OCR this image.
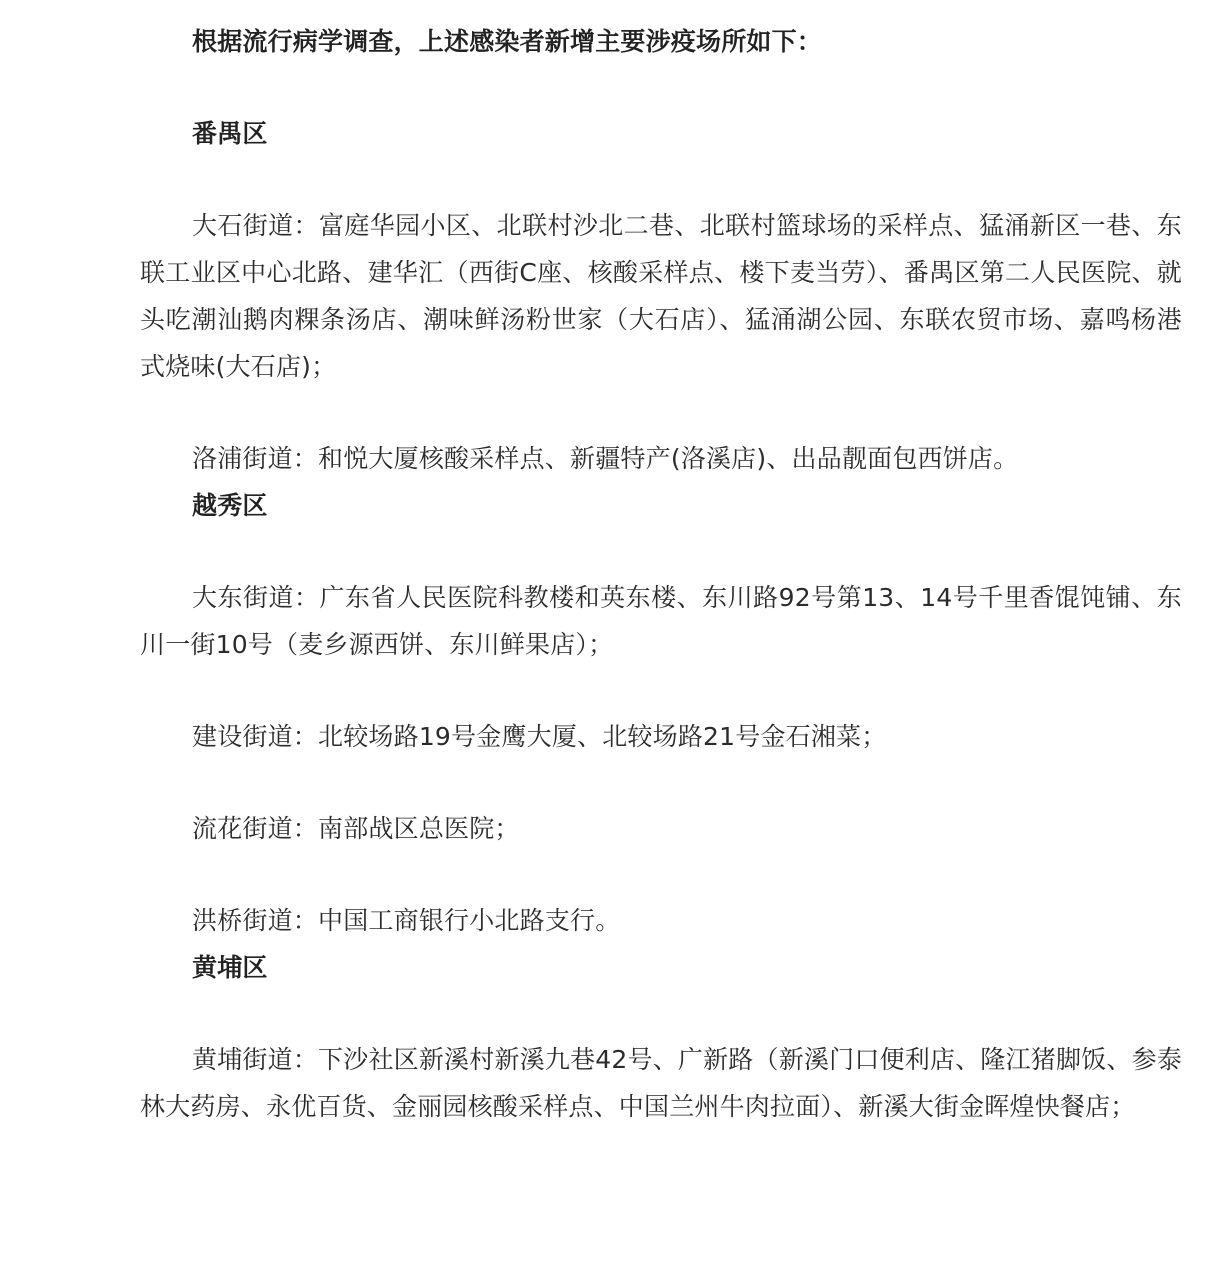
根据流行病学调查，上述感染者新增主要涉疫场所如下：

番禺区

大石街道：富庭华园小区、北联村沙北二巷、北联村篮球场的采样点、猛涌新区一巷、东联工业区中心北路、建华汇（西街C座、核酸采样点、楼下麦当劳）、番禺区第二人民医院、就头吃潮汕鹅肉粿条汤店、潮味鲜汤粉世家（大石店）、猛涌湖公园、东联农贸市场、嘉鸣杨港式烧味(大石店)；

洛浦街道：和悦大厦核酸采样点、新疆特产(洛溪店)、出品靓面包西饼店。

越秀区

大东街道：广东省人民医院科教楼和英东楼、东川路92号第13、14号千里香馄饨铺、东川一街10号（麦乡源西饼、东川鲜果店）；

建设街道：北较场路19号金鹰大厦、北较场路21号金石湘菜；

流花街道：南部战区总医院；

洪桥街道：中国工商银行小北路支行。

黄埔区

黄埔街道：下沙社区新溪村新溪九巷42号、广新路（新溪门口便利店、隆江猪脚饭、参泰林大药房、永优百货、金丽园核酸采样点、中国兰州牛肉拉面）、新溪大街金晖煌快餐店；
